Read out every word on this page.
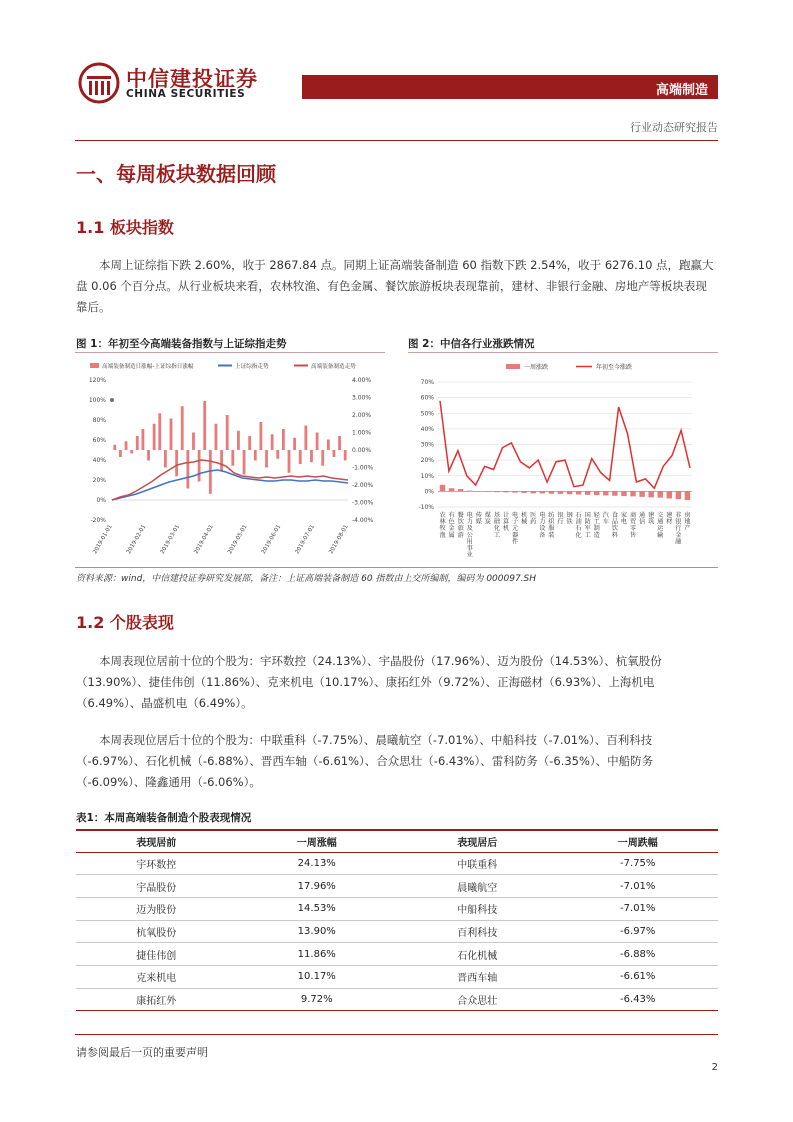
中信建投证券
CHINA SECURITIES	高端制造
行业动态研究报告
一、每周板块数据回顾
1.1 板块指数
本周上证综指下跌 2.60%，收于 2867.84 点。同期上证高端装备制造 60 指数下跌 2.54%，收于 6276.10 点，跑赢大盘 0.06 个百分点。从行业板块来看，农林牧渔、有色金属、餐饮旅游板块表现靠前，建材、非银行金融、房地产等板块表现靠后。
图 1：年初至今高端装备指数与上证综指走势	图 2：中信各行业涨跌情况
高端装备制造日涨幅-上证综指日涨幅	上证综指走势	高端装备制造走势
120%
100%
80%
60%
40%
20%
0%
-20%
4.00%
3.00%
2.00%
1.00%
0.00%
-1.00%
-2.00%
-3.00%
-4.00%
2019-01-01 2019-02-01 2019-03-01 2019-04-01 2019-05-01 2019-06-01 2019-07-01 2019-08-01
一周涨跌	年初至今涨跌
70%
60%
50%
40%
30%
20%
10%
0%
-10%
农林牧渔
有色金属
餐饮旅游
电力及公用事业
传媒
煤炭
基础化工
计算机
电子元器件
机械
医药
电力设备
纺织服装
银行
钢铁
石油石化
国防军工
轻工制造
汽车
食品饮料
家电
商贸零售
通信
建筑
交通运输
建材
非银行金融
房地产
资料来源：wind，中信建投证券研究发展部，备注：上证高端装备制造 60 指数由上交所编制，编码为 000097.SH
1.2 个股表现
本周表现位居前十位的个股为：宇环数控（24.13%）、宇晶股份（17.96%）、迈为股份（14.53%）、杭氧股份（13.90%）、捷佳伟创（11.86%）、克来机电（10.17%）、康拓红外（9.72%）、正海磁材（6.93%）、上海机电（6.49%）、晶盛机电（6.49%）。
本周表现位居后十位的个股为：中联重科（-7.75%）、晨曦航空（-7.01%）、中船科技（-7.01%）、百利科技（-6.97%）、石化机械（-6.88%）、晋西车轴（-6.61%）、合众思壮（-6.43%）、雷科防务（-6.35%）、中船防务（-6.09%）、隆鑫通用（-6.06%）。
表1：本周高端装备制造个股表现情况
表现居前	一周涨幅	表现居后	一周跌幅
宇环数控	24.13%	中联重科	-7.75%
宇晶股份	17.96%	晨曦航空	-7.01%
迈为股份	14.53%	中船科技	-7.01%
杭氧股份	13.90%	百利科技	-6.97%
捷佳伟创	11.86%	石化机械	-6.88%
克来机电	10.17%	晋西车轴	-6.61%
康拓红外	9.72%	合众思壮	-6.43%
请参阅最后一页的重要声明
2
